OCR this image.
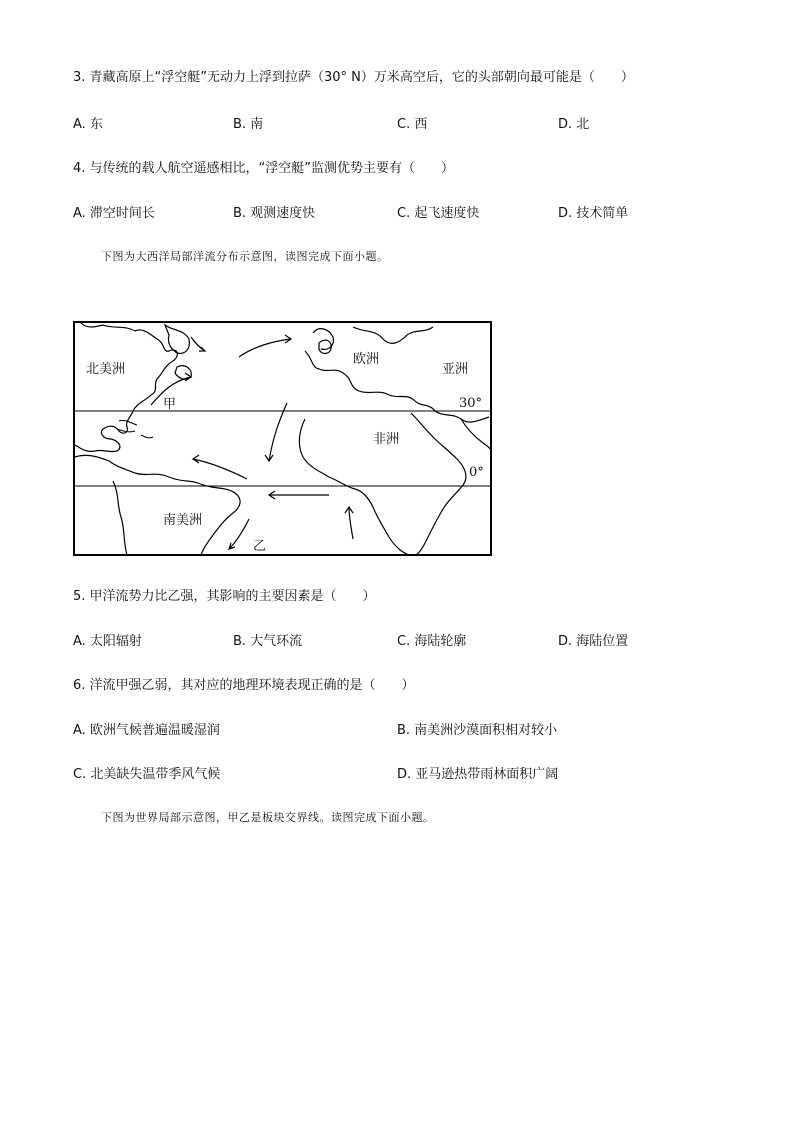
3. 青藏高原上“浮空艇”无动力上浮到拉萨（30° N）万米高空后，它的头部朝向最可能是（　　）
A. 东	B. 南	C. 西	D. 北
4. 与传统的载人航空遥感相比，“浮空艇”监测优势主要有（　　）
A. 滞空时间长	B. 观测速度快	C. 起飞速度快	D. 技术简单
下图为大西洋局部洋流分布示意图，读图完成下面小题。
北美洲
欧洲
亚洲
非洲
南美洲
甲
乙
30°
0°
5. 甲洋流势力比乙强，其影响的主要因素是（　　）
A. 太阳辐射	B. 大气环流	C. 海陆轮廓	D. 海陆位置
6. 洋流甲强乙弱，其对应的地理环境表现正确的是（　　）
A. 欧洲气候普遍温暖湿润	B. 南美洲沙漠面积相对较小
C. 北美缺失温带季风气候	D. 亚马逊热带雨林面积广阔
下图为世界局部示意图，甲乙是板块交界线。读图完成下面小题。
